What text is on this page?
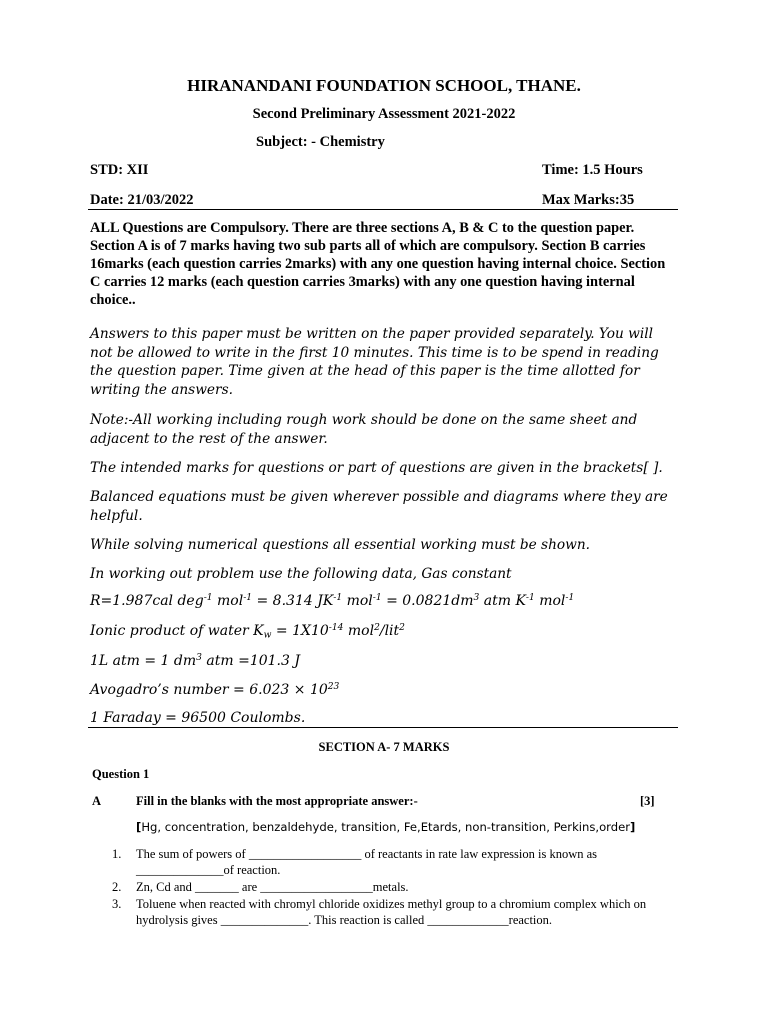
HIRANANDANI FOUNDATION SCHOOL, THANE.
Second Preliminary Assessment 2021-2022
Subject: - Chemistry
STD: XII	Time: 1.5 Hours
Date: 21/03/2022	Max Marks:35
ALL Questions are Compulsory. There are three sections A, B & C to the question paper. Section A is of 7 marks having two sub parts all of which are compulsory. Section B carries 16marks (each question carries 2marks) with any one question having internal choice. Section C carries 12 marks (each question carries 3marks) with any one question having internal choice..
Answers to this paper must be written on the paper provided separately. You will not be allowed to write in the first 10 minutes. This time is to be spend in reading the question paper. Time given at the head of this paper is the time allotted for writing the answers.
Note:-All working including rough work should be done on the same sheet and adjacent to the rest of the answer.
The intended marks for questions or part of questions are given in the brackets[ ].
Balanced equations must be given wherever possible and diagrams where they are helpful.
While solving numerical questions all essential working must be shown.
In working out problem use the following data, Gas constant
R=1.987cal deg$^{-1}$ mol$^{-1}$ = 8.314 $JK^{-1}$ $mol^{-1} = 0.0821dm^3$ atm $K^{-1}$ mol$^{-1}$
Ionic product of water $K_w = 1X10^{-14}$ mol$^2$/lit$^2$
1L atm = 1 $dm^3$ atm =101.3 J
Avogadro’s number = $6.023 \times 10^{23}$
1 Faraday = 96500 Coulombs.
SECTION A- 7 MARKS
Question 1
A	Fill in the blanks with the most appropriate answer:-	[3]
[Hg, concentration, benzaldehyde, transition, Fe,Etards, non-transition, Perkins,order]
1. The sum of powers of __________________ of reactants in rate law expression is known as ______________of reaction.
2. Zn, Cd and _______ are __________________metals.
3. Toluene when reacted with chromyl chloride oxidizes methyl group to a chromium complex which on hydrolysis gives ______________. This reaction is called _____________reaction.
